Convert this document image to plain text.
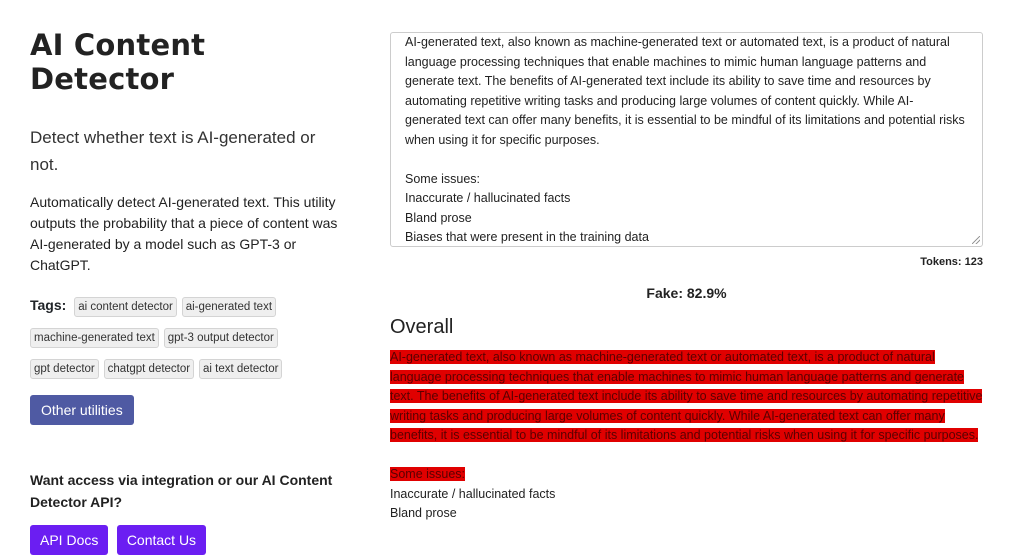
AI Content Detector

Detect whether text is AI-generated or not.

Automatically detect AI-generated text. This utility outputs the probability that a piece of content was AI-generated by a model such as GPT-3 or ChatGPT.

Tags: ai content detector ai-generated text machine-generated text gpt-3 output detector gpt detector chatgpt detector ai text detector
Other utilities

Want access via integration or our AI Content Detector API?

API Docs Contact Us

AI-generated text, also known as machine-generated text or automated text, is a product of natural language processing techniques that enable machines to mimic human language patterns and generate text. The benefits of AI-generated text include its ability to save time and resources by automating repetitive writing tasks and producing large volumes of content quickly. While AI-generated text can offer many benefits, it is essential to be mindful of its limitations and potential risks when using it for specific purposes.

Some issues:
Inaccurate / hallucinated facts
Bland prose
Biases that were present in the training data
Tokens: 123
Fake: 82.9%
Overall
AI-generated text, also known as machine-generated text or automated text, is a product of natural language processing techniques that enable machines to mimic human language patterns and generate text. The benefits of AI-generated text include its ability to save time and resources by automating repetitive writing tasks and producing large volumes of content quickly. While AI-generated text can offer many benefits, it is essential to be mindful of its limitations and potential risks when using it for specific purposes.
Some issues:
Inaccurate / hallucinated facts
Bland prose
